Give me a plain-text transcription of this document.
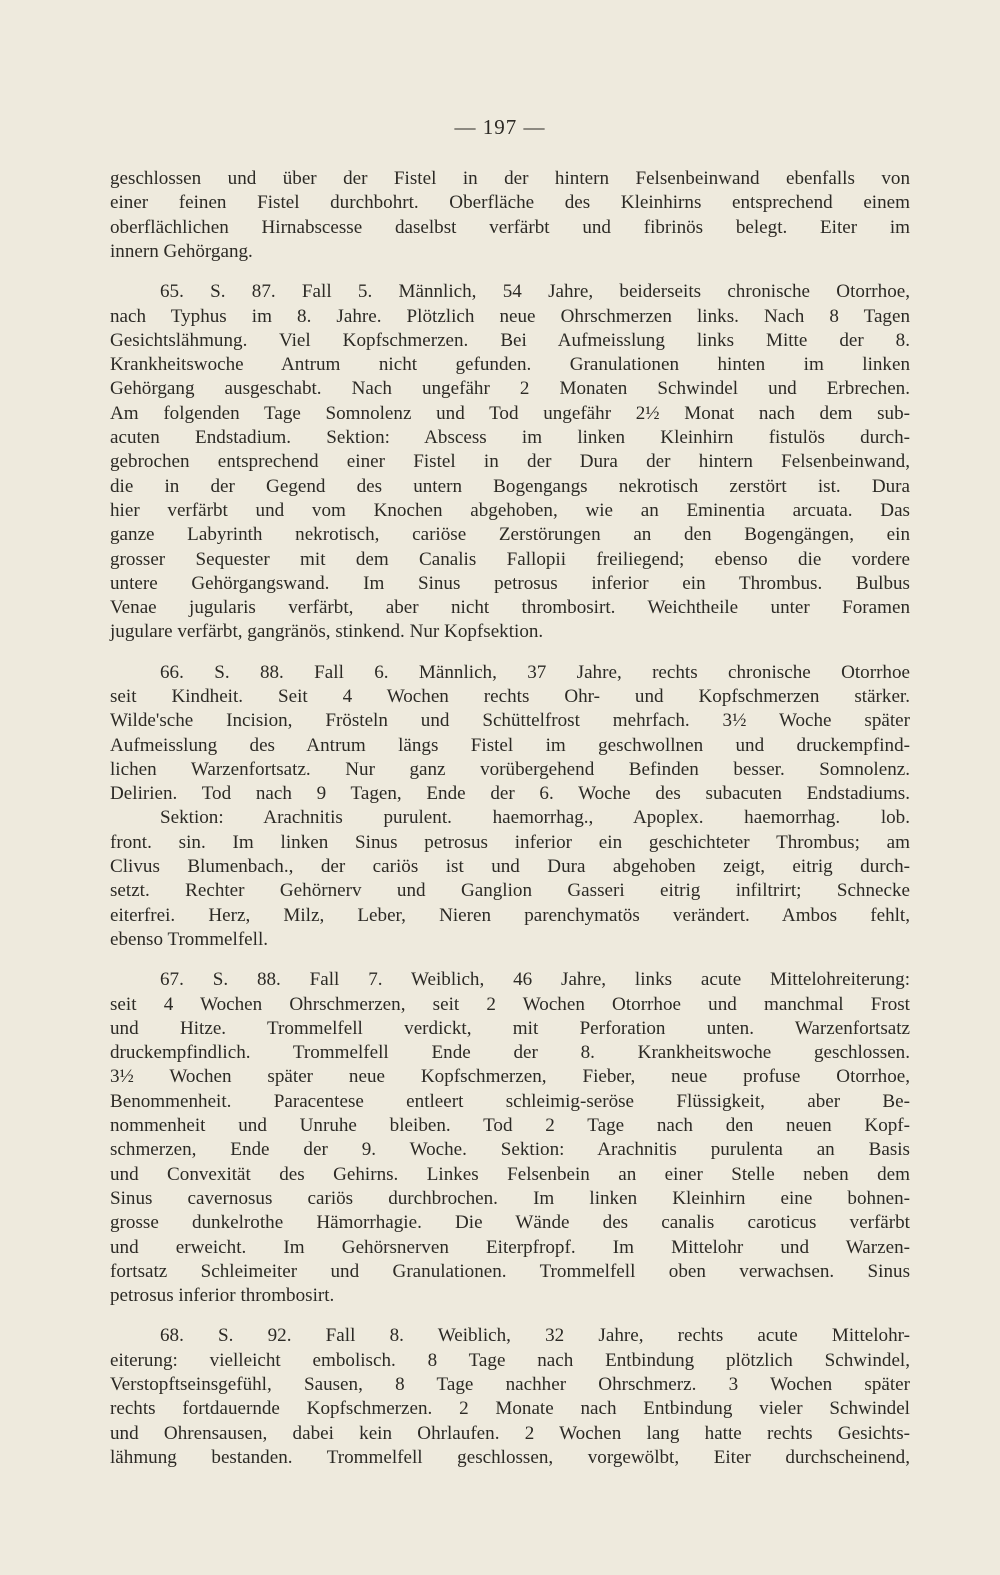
— 197 —
geschlossen und über der Fistel in der hintern Felsenbeinwand ebenfalls von
einer feinen Fistel durchbohrt. Oberfläche des Kleinhirns entsprechend einem
oberflächlichen Hirnabscesse daselbst verfärbt und fibrinös belegt. Eiter im
innern Gehörgang.
65. S. 87. Fall 5. Männlich, 54 Jahre, beiderseits chronische Otorrhoe,
nach Typhus im 8. Jahre. Plötzlich neue Ohrschmerzen links. Nach 8 Tagen
Gesichtslähmung. Viel Kopfschmerzen. Bei Aufmeisslung links Mitte der 8.
Krankheitswoche Antrum nicht gefunden. Granulationen hinten im linken
Gehörgang ausgeschabt. Nach ungefähr 2 Monaten Schwindel und Erbrechen.
Am folgenden Tage Somnolenz und Tod ungefähr 2½ Monat nach dem sub-
acuten Endstadium. Sektion: Abscess im linken Kleinhirn fistulös durch-
gebrochen entsprechend einer Fistel in der Dura der hintern Felsenbeinwand,
die in der Gegend des untern Bogengangs nekrotisch zerstört ist. Dura
hier verfärbt und vom Knochen abgehoben, wie an Eminentia arcuata. Das
ganze Labyrinth nekrotisch, cariöse Zerstörungen an den Bogengängen, ein
grosser Sequester mit dem Canalis Fallopii freiliegend; ebenso die vordere
untere Gehörgangswand. Im Sinus petrosus inferior ein Thrombus. Bulbus
Venae jugularis verfärbt, aber nicht thrombosirt. Weichtheile unter Foramen
jugulare verfärbt, gangränös, stinkend. Nur Kopfsektion.
66. S. 88. Fall 6. Männlich, 37 Jahre, rechts chronische Otorrhoe
seit Kindheit. Seit 4 Wochen rechts Ohr- und Kopfschmerzen stärker.
Wilde'sche Incision, Frösteln und Schüttelfrost mehrfach. 3½ Woche später
Aufmeisslung des Antrum längs Fistel im geschwollnen und druckempfind-
lichen Warzenfortsatz. Nur ganz vorübergehend Befinden besser. Somnolenz.
Delirien. Tod nach 9 Tagen, Ende der 6. Woche des subacuten Endstadiums.
Sektion: Arachnitis purulent. haemorrhag., Apoplex. haemorrhag. lob.
front. sin. Im linken Sinus petrosus inferior ein geschichteter Thrombus; am
Clivus Blumenbach., der cariös ist und Dura abgehoben zeigt, eitrig durch-
setzt. Rechter Gehörnerv und Ganglion Gasseri eitrig infiltrirt; Schnecke
eiterfrei. Herz, Milz, Leber, Nieren parenchymatös verändert. Ambos fehlt,
ebenso Trommelfell.
67. S. 88. Fall 7. Weiblich, 46 Jahre, links acute Mittelohreiterung:
seit 4 Wochen Ohrschmerzen, seit 2 Wochen Otorrhoe und manchmal Frost
und Hitze. Trommelfell verdickt, mit Perforation unten. Warzenfortsatz
druckempfindlich. Trommelfell Ende der 8. Krankheitswoche geschlossen.
3½ Wochen später neue Kopfschmerzen, Fieber, neue profuse Otorrhoe,
Benommenheit. Paracentese entleert schleimig-seröse Flüssigkeit, aber Be-
nommenheit und Unruhe bleiben. Tod 2 Tage nach den neuen Kopf-
schmerzen, Ende der 9. Woche. Sektion: Arachnitis purulenta an Basis
und Convexität des Gehirns. Linkes Felsenbein an einer Stelle neben dem
Sinus cavernosus cariös durchbrochen. Im linken Kleinhirn eine bohnen-
grosse dunkelrothe Hämorrhagie. Die Wände des canalis caroticus verfärbt
und erweicht. Im Gehörsnerven Eiterpfropf. Im Mittelohr und Warzen-
fortsatz Schleimeiter und Granulationen. Trommelfell oben verwachsen. Sinus
petrosus inferior thrombosirt.
68. S. 92. Fall 8. Weiblich, 32 Jahre, rechts acute Mittelohr-
eiterung: vielleicht embolisch. 8 Tage nach Entbindung plötzlich Schwindel,
Verstopftseinsgefühl, Sausen, 8 Tage nachher Ohrschmerz. 3 Wochen später
rechts fortdauernde Kopfschmerzen. 2 Monate nach Entbindung vieler Schwindel
und Ohrensausen, dabei kein Ohrlaufen. 2 Wochen lang hatte rechts Gesichts-
lähmung bestanden. Trommelfell geschlossen, vorgewölbt, Eiter durchscheinend,
